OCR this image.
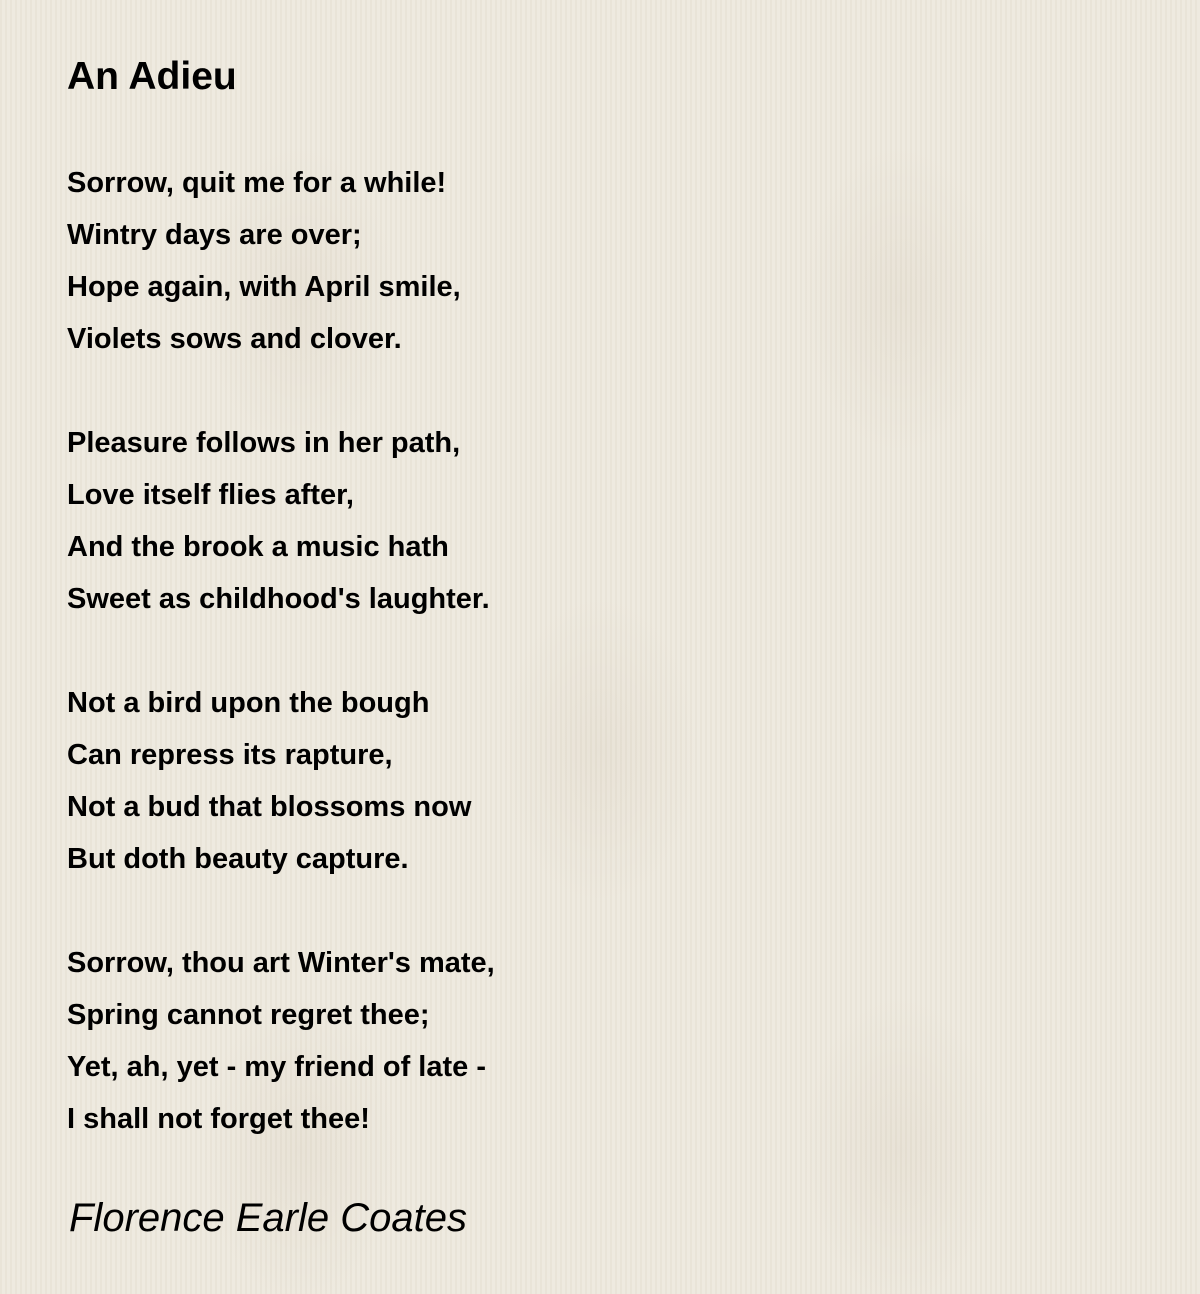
An Adieu
Sorrow, quit me for a while!
Wintry days are over;
Hope again, with April smile,
Violets sows and clover.
Pleasure follows in her path,
Love itself flies after,
And the brook a music hath
Sweet as childhood's laughter.
Not a bird upon the bough
Can repress its rapture,
Not a bud that blossoms now
But doth beauty capture.
Sorrow, thou art Winter's mate,
Spring cannot regret thee;
Yet, ah, yet - my friend of late -
I shall not forget thee!
Florence Earle Coates
